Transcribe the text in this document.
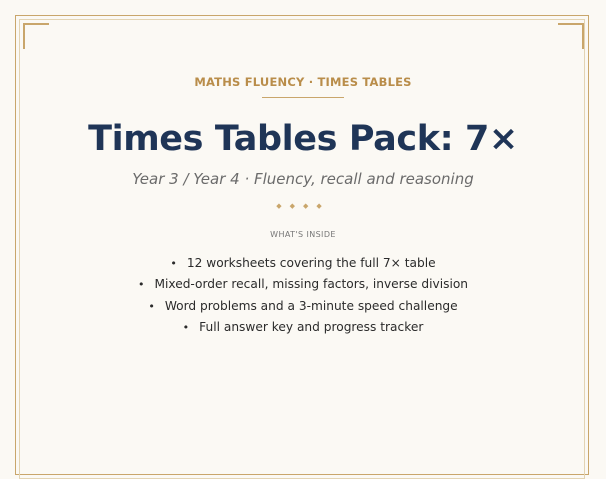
MATHS FLUENCY · TIMES TABLES
Times Tables Pack: 7×
Year 3 / Year 4 · Fluency, recall and reasoning
◆◆◆◆
WHAT'S INSIDE
• 12 worksheets covering the full 7× table
• Mixed-order recall, missing factors, inverse division
• Word problems and a 3-minute speed challenge
• Full answer key and progress tracker
